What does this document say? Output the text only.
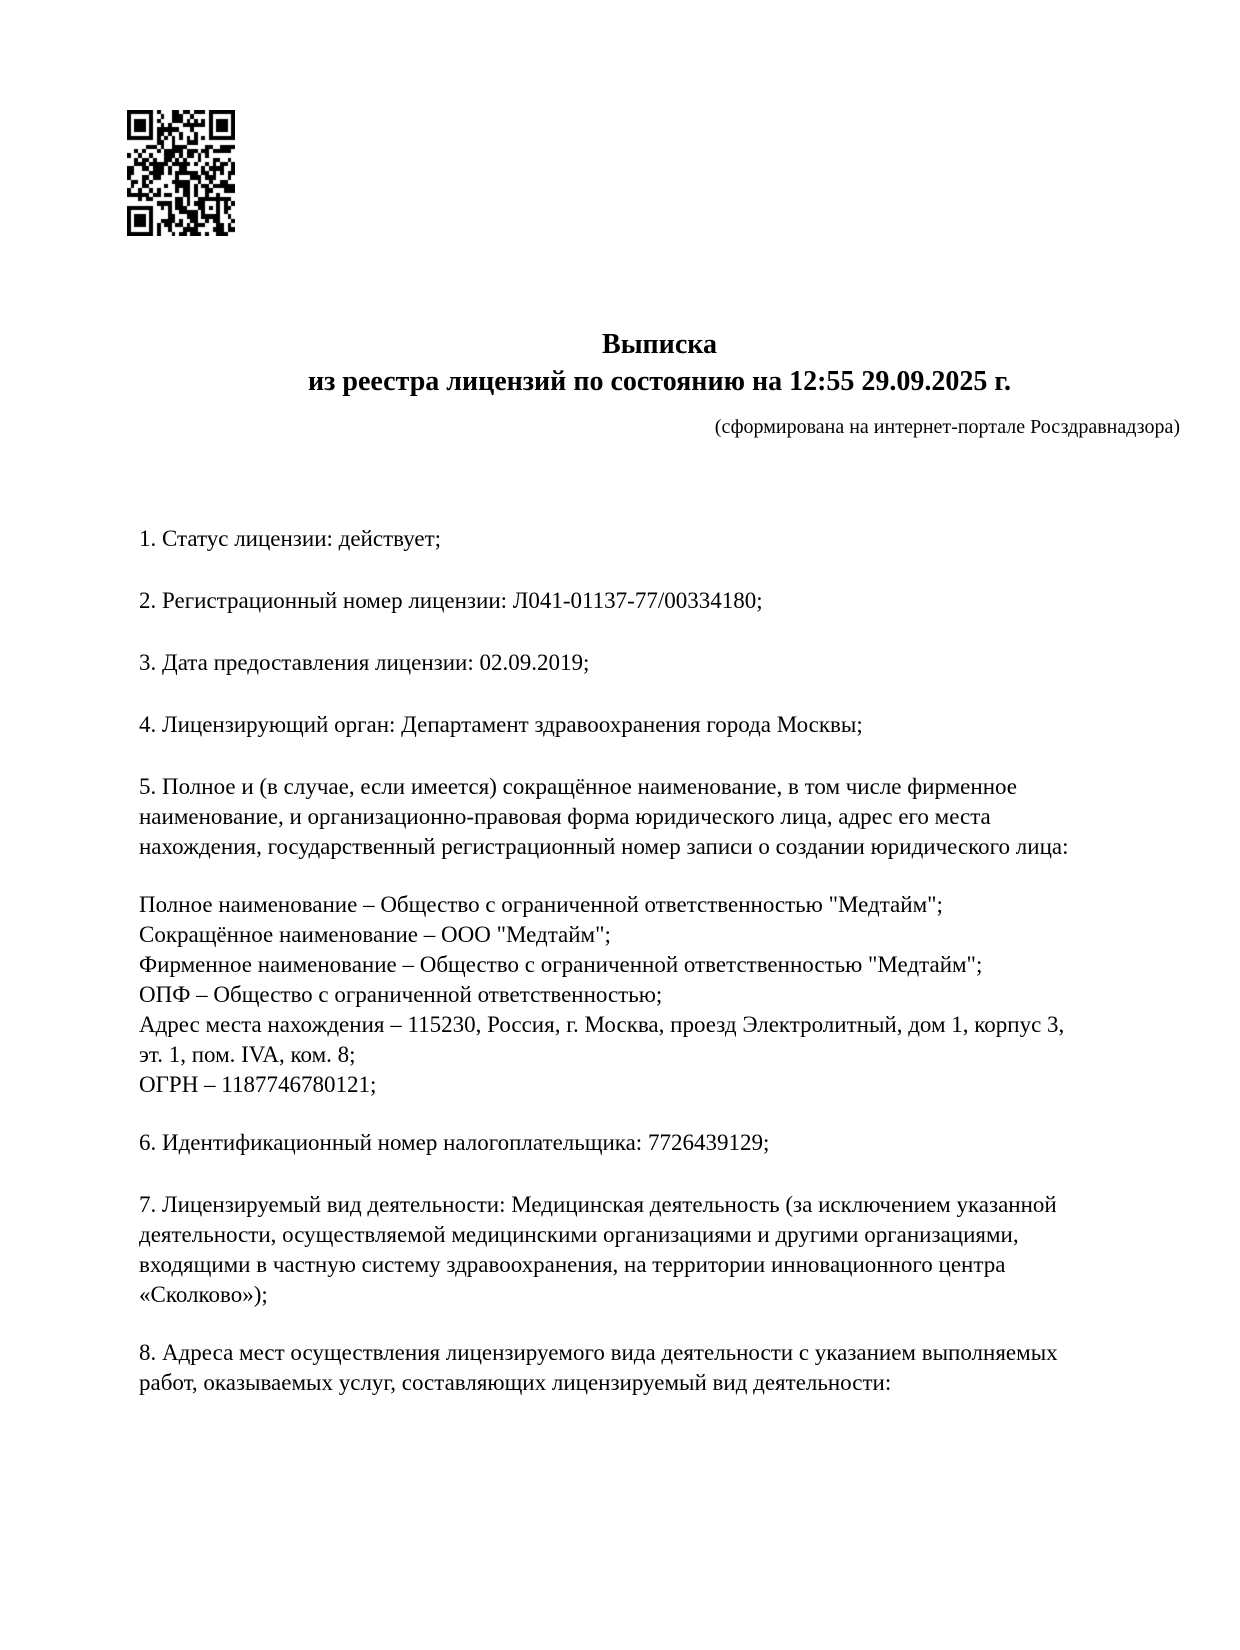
Выписка
из реестра лицензий по состоянию на 12:55 29.09.2025 г.
(сформирована на интернет-портале Росздравнадзора)

1. Статус лицензии: действует;

2. Регистрационный номер лицензии: Л041-01137-77/00334180;

3. Дата предоставления лицензии: 02.09.2019;

4. Лицензирующий орган: Департамент здравоохранения города Москвы;

5. Полное и (в случае, если имеется) сокращённое наименование, в том числе фирменное
наименование, и организационно-правовая форма юридического лица, адрес его места
нахождения, государственный регистрационный номер записи о создании юридического лица:
Полное наименование – Общество с ограниченной ответственностью "Медтайм";
Сокращённое наименование – ООО "Медтайм";
Фирменное наименование – Общество с ограниченной ответственностью "Медтайм";
ОПФ – Общество с ограниченной ответственностью;
Адрес места нахождения – 115230, Россия, г. Москва, проезд Электролитный, дом 1, корпус 3,
эт. 1, пом. IVA, ком. 8;
ОГРН – 1187746780121;

6. Идентификационный номер налогоплательщика: 7726439129;

7. Лицензируемый вид деятельности: Медицинская деятельность (за исключением указанной
деятельности, осуществляемой медицинскими организациями и другими организациями,
входящими в частную систему здравоохранения, на территории инновационного центра
«Сколково»);
8. Адреса мест осуществления лицензируемого вида деятельности с указанием выполняемых
работ, оказываемых услуг, составляющих лицензируемый вид деятельности:
